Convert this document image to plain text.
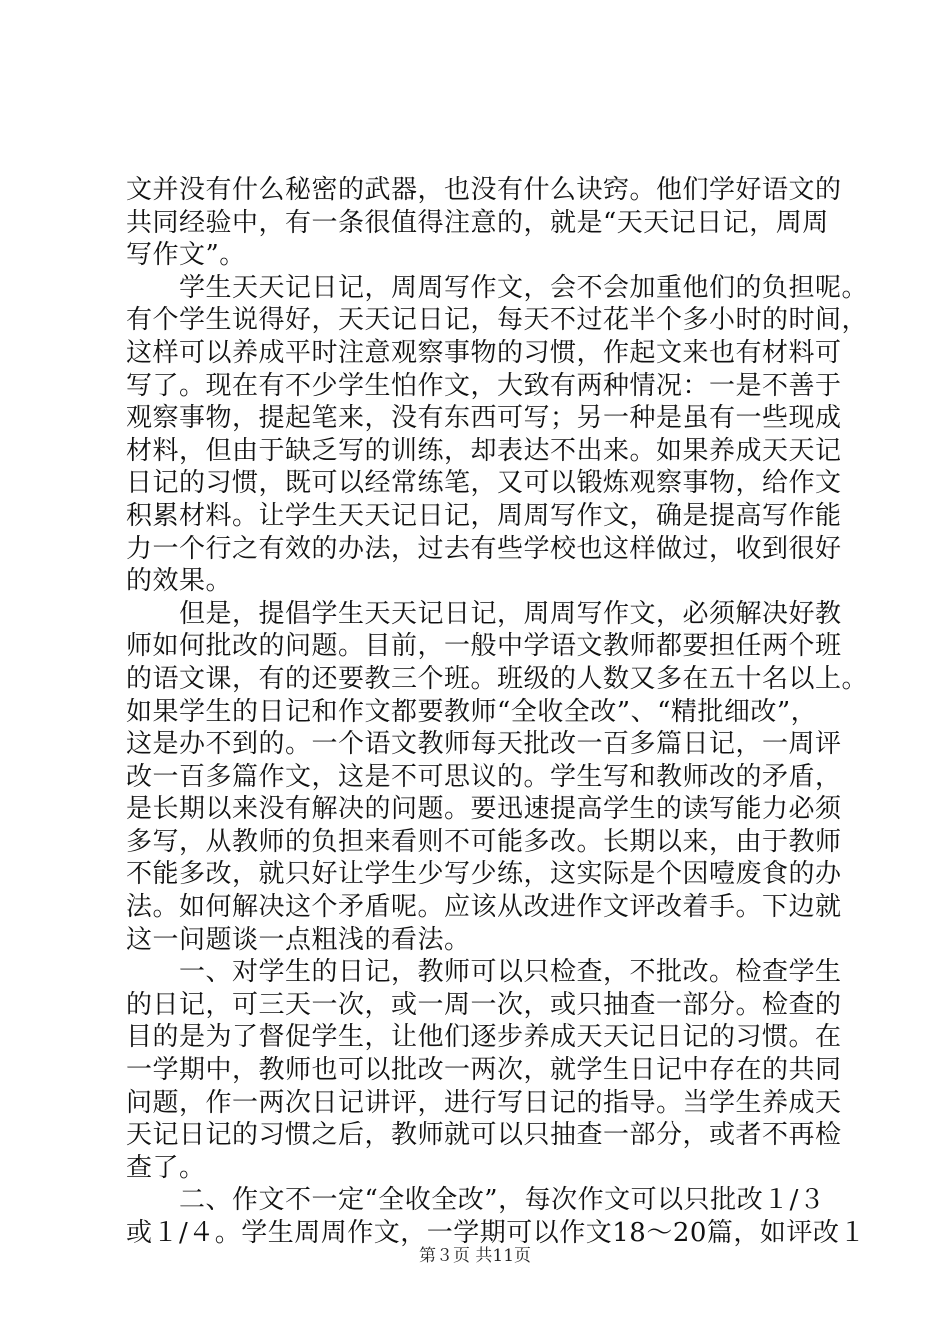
文并没有什么秘密的武器，也没有什么诀窍。他们学好语文的
共同经验中，有一条很值得注意的，就是“天天记日记，周周
写作文”。
　　学生天天记日记，周周写作文，会不会加重他们的负担呢。
有个学生说得好，天天记日记，每天不过花半个多小时的时间，
这样可以养成平时注意观察事物的习惯，作起文来也有材料可
写了。现在有不少学生怕作文，大致有两种情况：一是不善于
观察事物，提起笔来，没有东西可写；另一种是虽有一些现成
材料，但由于缺乏写的训练，却表达不出来。如果养成天天记
日记的习惯，既可以经常练笔，又可以锻炼观察事物，给作文
积累材料。让学生天天记日记，周周写作文，确是提高写作能
力一个行之有效的办法，过去有些学校也这样做过，收到很好
的效果。
　　但是，提倡学生天天记日记，周周写作文，必须解决好教
师如何批改的问题。目前，一般中学语文教师都要担任两个班
的语文课，有的还要教三个班。班级的人数又多在五十名以上。
如果学生的日记和作文都要教师“全收全改”、“精批细改”，
这是办不到的。一个语文教师每天批改一百多篇日记，一周评
改一百多篇作文，这是不可思议的。学生写和教师改的矛盾，
是长期以来没有解决的问题。要迅速提高学生的读写能力必须
多写，从教师的负担来看则不可能多改。长期以来，由于教师
不能多改，就只好让学生少写少练，这实际是个因噎废食的办
法。如何解决这个矛盾呢。应该从改进作文评改着手。下边就
这一问题谈一点粗浅的看法。
　　一、对学生的日记，教师可以只检查，不批改。检查学生
的日记，可三天一次，或一周一次，或只抽查一部分。检查的
目的是为了督促学生，让他们逐步养成天天记日记的习惯。在
一学期中，教师也可以批改一两次，就学生日记中存在的共同
问题，作一两次日记讲评，进行写日记的指导。当学生养成天
天记日记的习惯之后，教师就可以只抽查一部分，或者不再检
查了。
　　二、作文不一定“全收全改”，每次作文可以只批改１/３
或１/４。学生周周作文，一学期可以作文18～20篇，如评改１
第３页 共11页
